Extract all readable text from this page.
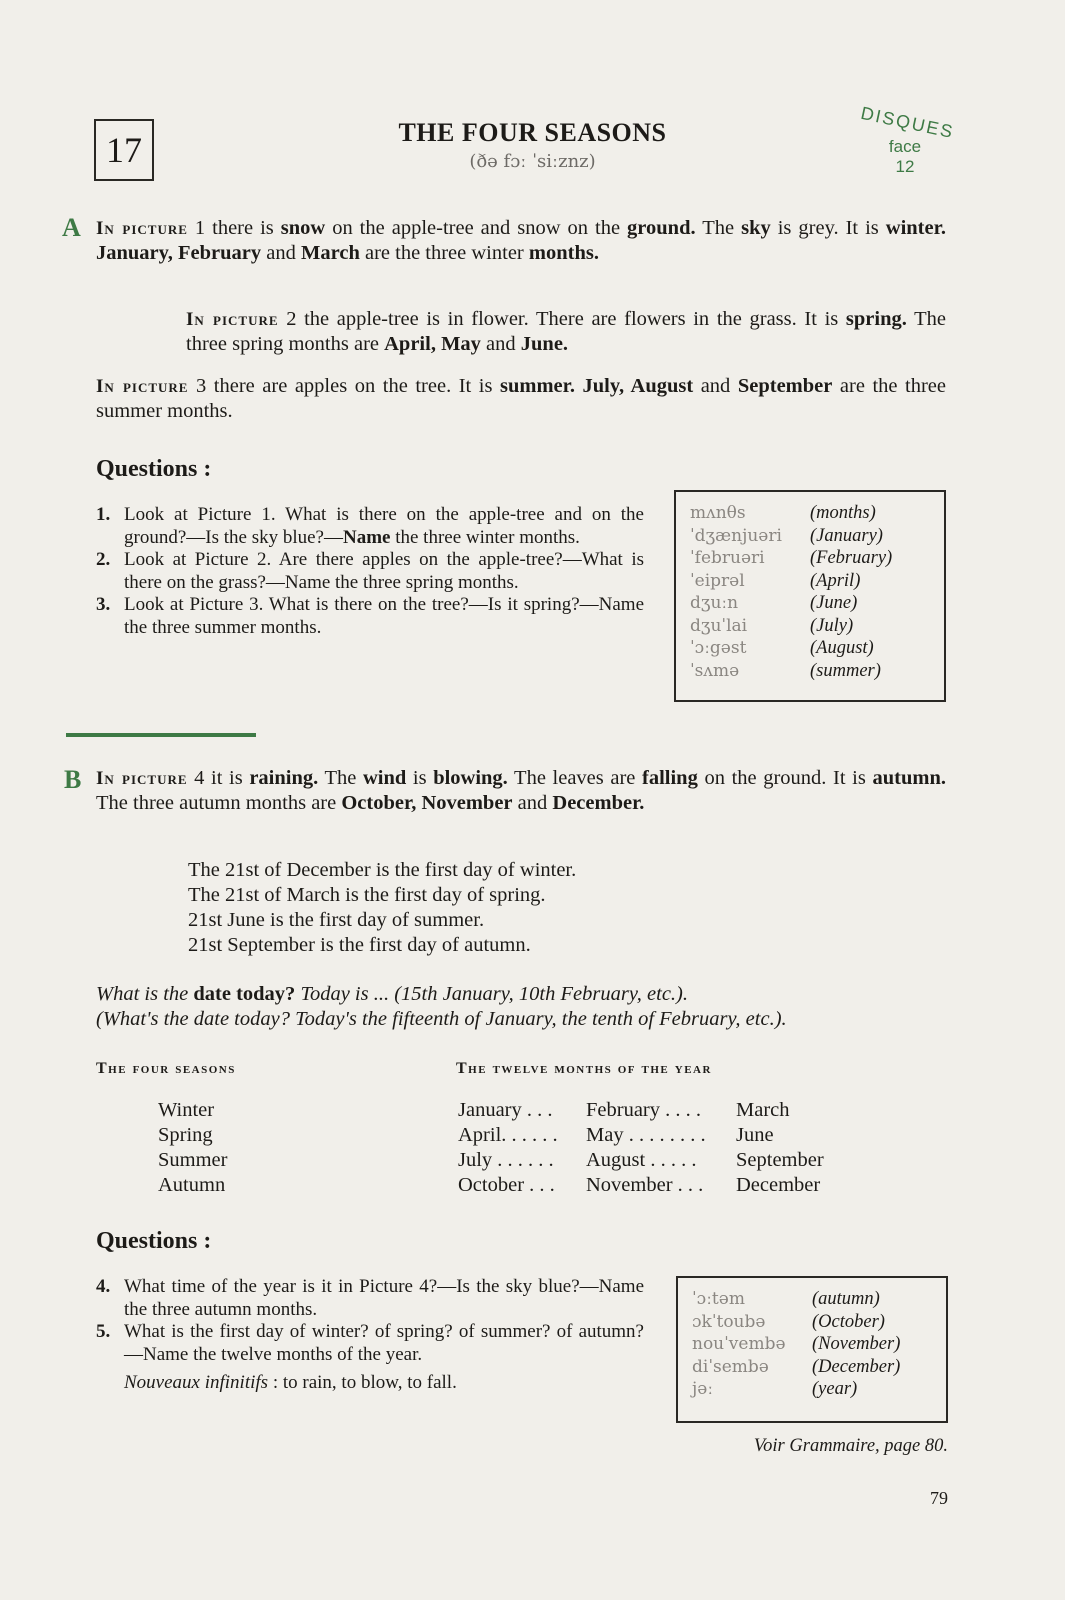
17	THE FOUR SEASONS
(ðə fɔː ˈsiːznz)
DISQUES
face
12
A In picture 1 there is snow on the apple-tree and snow on the ground. The sky is grey. It is winter. January, February and March are the three winter months.
In picture 2 the apple-tree is in flower. There are flowers in the grass. It is spring. The three spring months are April, May and June.
In picture 3 there are apples on the tree. It is summer. July, August and September are the three summer months.
Questions :
1. Look at Picture 1. What is there on the apple-tree and on the ground?—Is the sky blue?—Name the three winter months.
2. Look at Picture 2. Are there apples on the apple-tree?—What is there on the grass?—Name the three spring months.
3. Look at Picture 3. What is there on the tree?—Is it spring?—Name the three summer months.
mʌnθs	(months)
ˈdʒænjuəri	(January)
ˈfebruəri	(February)
ˈeiprəl	(April)
dʒuːn	(June)
dʒuˈlai	(July)
ˈɔːgəst	(August)
ˈsʌmə	(summer)
B In picture 4 it is raining. The wind is blowing. The leaves are falling on the ground. It is autumn. The three autumn months are October, November and December.
The 21st of December is the first day of winter.
The 21st of March is the first day of spring.
21st June is the first day of summer.
21st September is the first day of autumn.
What is the date today? Today is ... (15th January, 10th February, etc.).
(What's the date today? Today's the fifteenth of January, the tenth of February, etc.).
The four seasons	The twelve months of the year
Winter
Spring
Summer
Autumn
January . . .	February . . . .	March
April. . . . . .	May . . . . . . . .	June
July . . . . . .	August . . . . .	September
October . . .	November . . .	December
Questions :
4. What time of the year is it in Picture 4?—Is the sky blue?—Name the three autumn months.
5. What is the first day of winter? of spring? of summer? of autumn?—Name the twelve months of the year.
Nouveaux infinitifs : to rain, to blow, to fall.
ˈɔːtəm	(autumn)
ɔkˈtoubə	(October)
nouˈvembə	(November)
diˈsembə	(December)
jəː	(year)
Voir Grammaire, page 80.
79
